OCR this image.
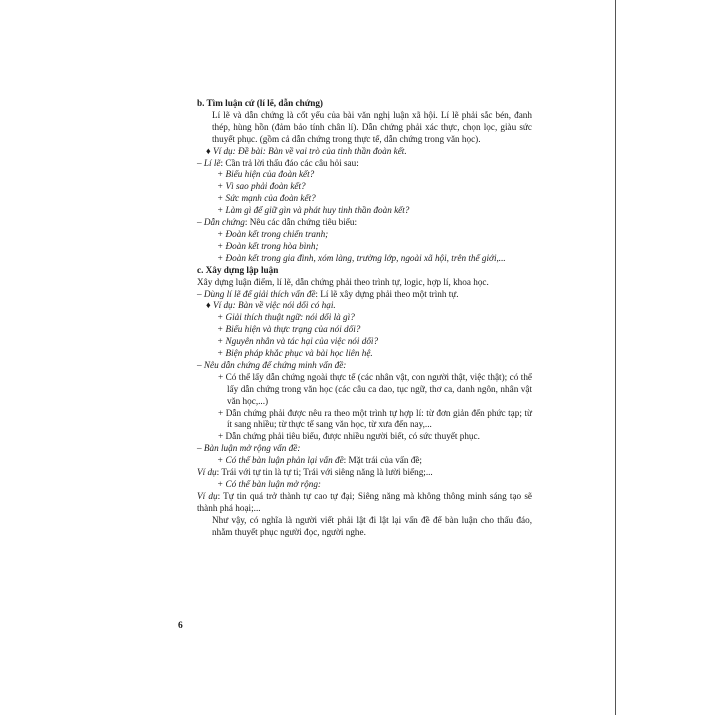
b. Tìm luận cứ (lí lẽ, dẫn chứng)

Lí lẽ và dẫn chứng là cốt yếu của bài văn nghị luận xã hội. Lí lẽ phải sắc bén, đanh thép, hùng hồn (đảm bảo tính chân lí). Dẫn chứng phải xác thực, chọn lọc, giàu sức thuyết phục. (gồm cả dẫn chứng trong thực tế, dẫn chứng trong văn học).

♦ Ví dụ: Đề bài: Bàn về vai trò của tinh thần đoàn kết.

– Lí lẽ: Cần trả lời thấu đáo các câu hỏi sau:

+ Biểu hiện của đoàn kết?

+ Vì sao phải đoàn kết?

+ Sức mạnh của đoàn kết?

+ Làm gì để giữ gìn và phát huy tinh thần đoàn kết?

– Dẫn chứng: Nêu các dẫn chứng tiêu biểu:

+ Đoàn kết trong chiến tranh;

+ Đoàn kết trong hòa bình;

+ Đoàn kết trong gia đình, xóm làng, trường lớp, ngoài xã hội, trên thế giới,...

c. Xây dựng lập luận

Xây dựng luận điểm, lí lẽ, dẫn chứng phải theo trình tự, logic, hợp lí, khoa học.

– Dùng lí lẽ để giải thích vấn đề: Lí lẽ xây dựng phải theo một trình tự.

♦ Ví dụ: Bàn về việc nói dối có hại.

+ Giải thích thuật ngữ: nói dối là gì?

+ Biểu hiện và thực trạng của nói dối?

+ Nguyên nhân và tác hại của việc nói dối?

+ Biện pháp khắc phục và bài học liên hệ.

– Nêu dẫn chứng để chứng minh vấn đề:

+ Có thể lấy dẫn chứng ngoài thực tế (các nhân vật, con người thật, việc thật); có thể lấy dẫn chứng trong văn học (các câu ca dao, tục ngữ, thơ ca, danh ngôn, nhân vật văn học,...)

+ Dẫn chứng phải được nêu ra theo một trình tự hợp lí: từ đơn giản đến phức tạp; từ ít sang nhiều; từ thực tế sang văn học, từ xưa đến nay,...

+ Dẫn chứng phải tiêu biểu, được nhiều người biết, có sức thuyết phục.

– Bàn luận mở rộng vấn đề:

+ Có thể bàn luận phản lại vấn đề: Mặt trái của vấn đề;

Ví dụ: Trái với tự tin là tự ti; Trái với siêng năng là lười biếng;...

+ Có thể bàn luận mở rộng:

Ví dụ: Tự tin quá trở thành tự cao tự đại; Siêng năng mà không thông minh sáng tạo sẽ thành phá hoại;...

Như vậy, có nghĩa là người viết phải lật đi lật lại vấn đề để bàn luận cho thấu đáo, nhằm thuyết phục người đọc, người nghe.

6
